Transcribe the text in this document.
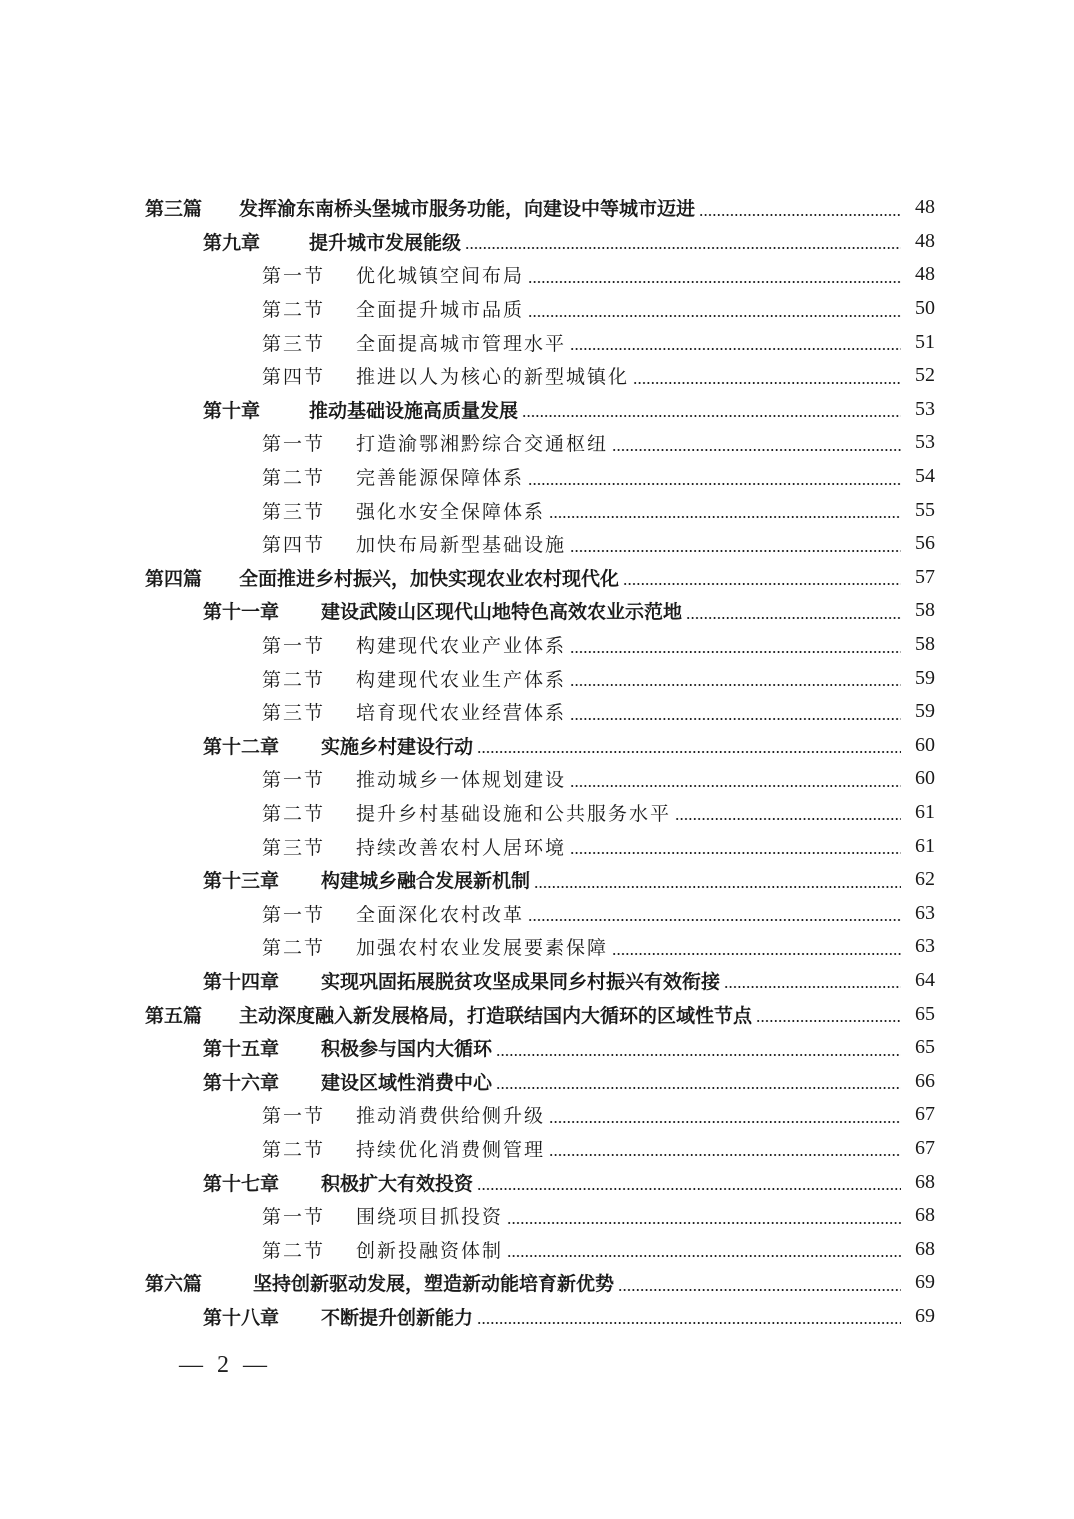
第三篇	发挥渝东南桥头堡城市服务功能，向建设中等城市迈进	48
第九章	提升城市发展能级	48
第一节	优化城镇空间布局	48
第二节	全面提升城市品质	50
第三节	全面提高城市管理水平	51
第四节	推进以人为核心的新型城镇化	52
第十章	推动基础设施高质量发展	53
第一节	打造渝鄂湘黔综合交通枢纽	53
第二节	完善能源保障体系	54
第三节	强化水安全保障体系	55
第四节	加快布局新型基础设施	56
第四篇	全面推进乡村振兴，加快实现农业农村现代化	57
第十一章	建设武陵山区现代山地特色高效农业示范地	58
第一节	构建现代农业产业体系	58
第二节	构建现代农业生产体系	59
第三节	培育现代农业经营体系	59
第十二章	实施乡村建设行动	60
第一节	推动城乡一体规划建设	60
第二节	提升乡村基础设施和公共服务水平	61
第三节	持续改善农村人居环境	61
第十三章	构建城乡融合发展新机制	62
第一节	全面深化农村改革	63
第二节	加强农村农业发展要素保障	63
第十四章	实现巩固拓展脱贫攻坚成果同乡村振兴有效衔接	64
第五篇	主动深度融入新发展格局，打造联结国内大循环的区域性节点	65
第十五章	积极参与国内大循环	65
第十六章	建设区域性消费中心	66
第一节	推动消费供给侧升级	67
第二节	持续优化消费侧管理	67
第十七章	积极扩大有效投资	68
第一节	围绕项目抓投资	68
第二节	创新投融资体制	68
第六篇	坚持创新驱动发展，塑造新动能培育新优势	69
第十八章	不断提升创新能力	69
— 2 —
